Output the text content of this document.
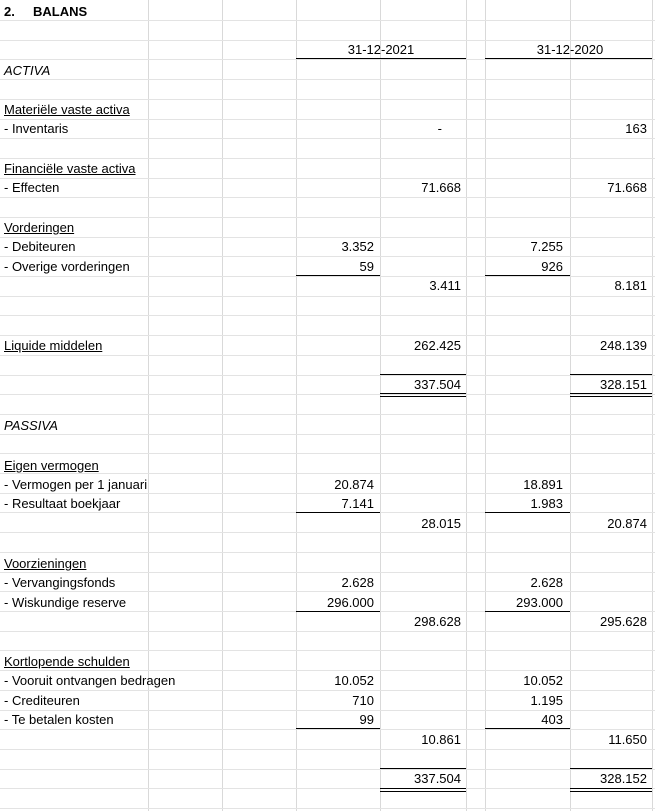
2. BALANS
31-12-2021	31-12-2020
ACTIVA
Materiële vaste activa
- Inventaris	-	163
Financiële vaste activa
- Effecten	71.668	71.668
Vorderingen
- Debiteuren	3.352	7.255
- Overige vorderingen	59	926
3.411	8.181
Liquide middelen	262.425	248.139
337.504	328.151
PASSIVA
Eigen vermogen
- Vermogen per 1 januari	20.874	18.891
- Resultaat boekjaar	7.141	1.983
28.015	20.874
Voorzieningen
- Vervangingsfonds	2.628	2.628
- Wiskundige reserve	296.000	293.000
298.628	295.628
Kortlopende schulden
- Vooruit ontvangen bedragen	10.052	10.052
- Crediteuren	710	1.195
- Te betalen kosten	99	403
10.861	11.650
337.504	328.152
